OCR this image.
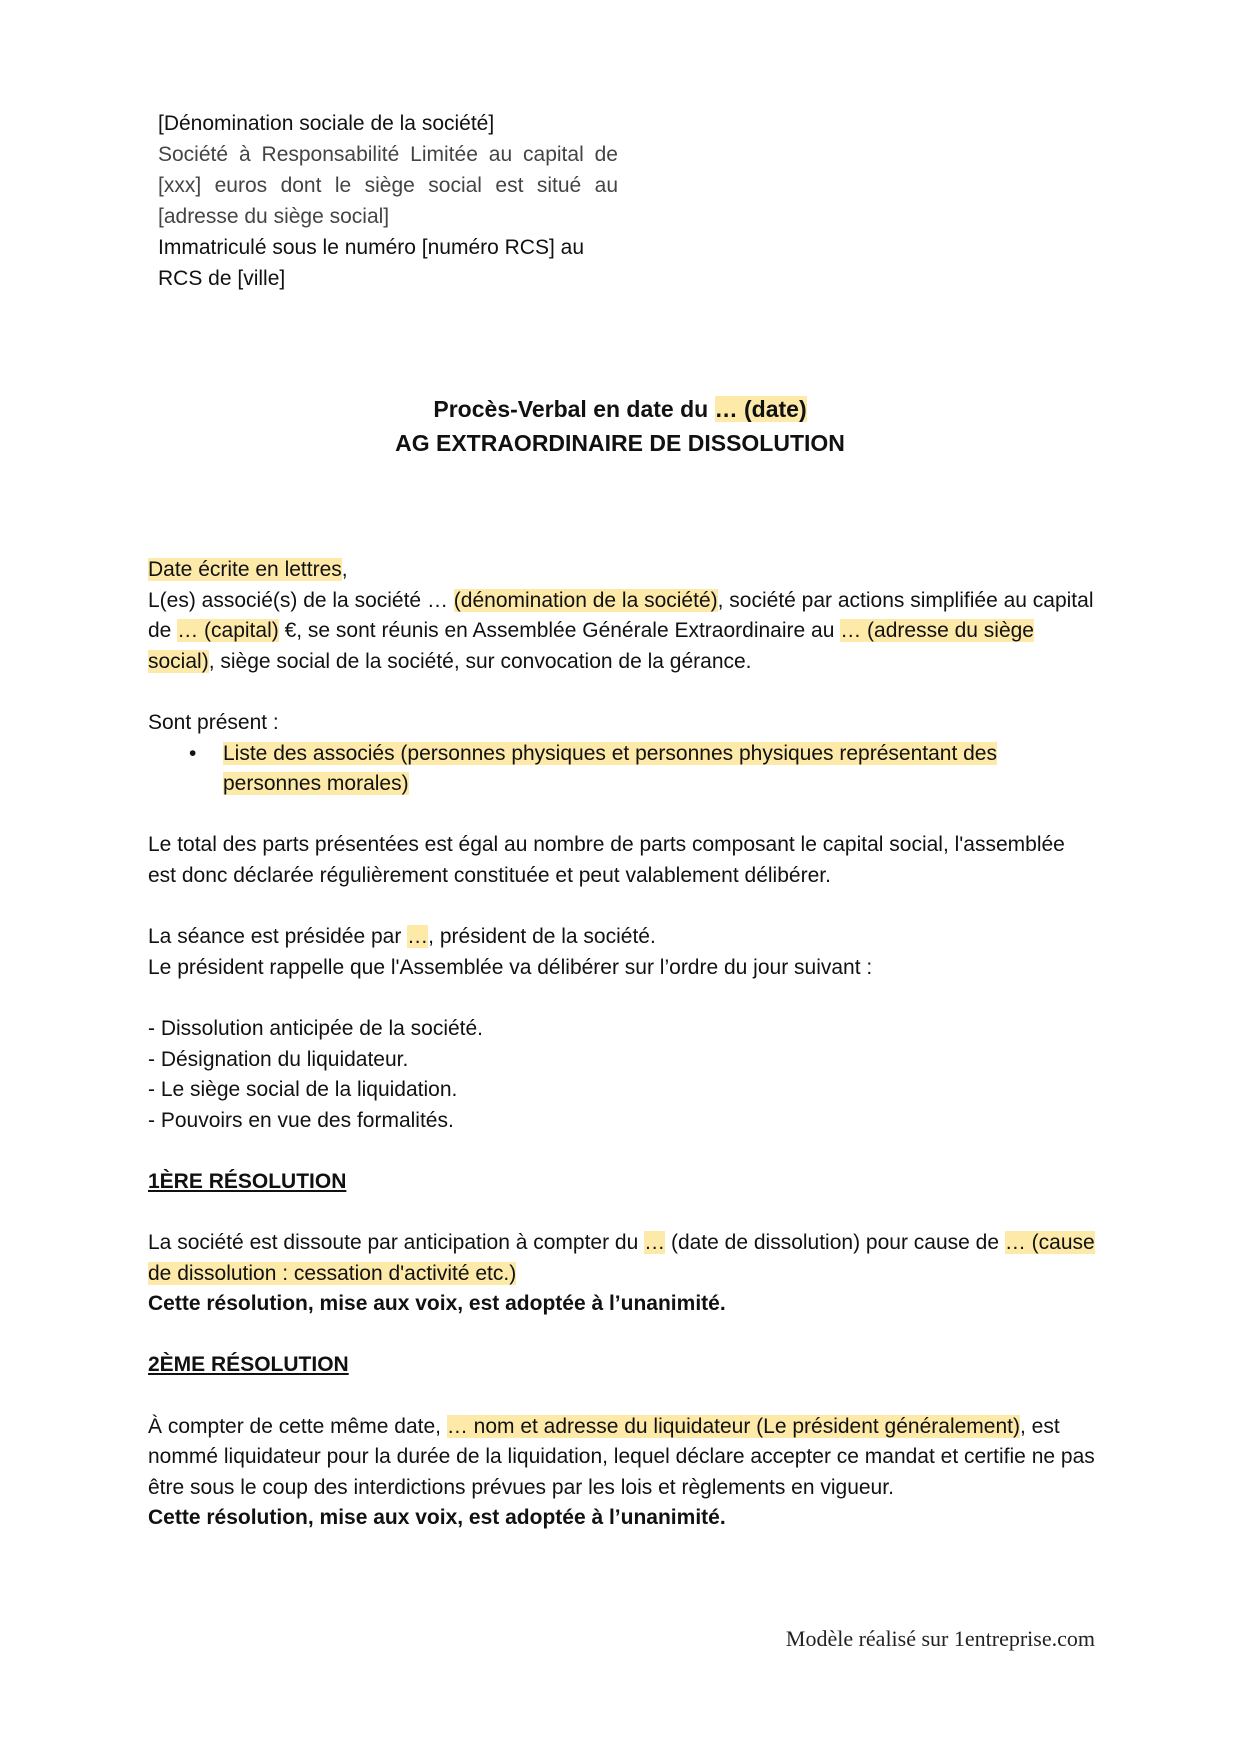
[Dénomination sociale de la société]
Société à Responsabilité Limitée au capital de [xxx] euros dont le siège social est situé au [adresse du siège social]
Immatriculé sous le numéro [numéro RCS] au RCS de [ville]
Procès-Verbal en date du … (date)
AG EXTRAORDINAIRE DE DISSOLUTION

Date écrite en lettres,

L(es) associé(s) de la société … (dénomination de la société), société par actions simplifiée au capital de … (capital) €, se sont réunis en Assemblée Générale Extraordinaire au … (adresse du siège social), siège social de la société, sur convocation de la gérance.

Sont présent :

• Liste des associés (personnes physiques et personnes physiques représentant des personnes morales)

Le total des parts présentées est égal au nombre de parts composant le capital social, l'assemblée est donc déclarée régulièrement constituée et peut valablement délibérer.

La séance est présidée par …, président de la société.

Le président rappelle que l'Assemblée va délibérer sur l’ordre du jour suivant :

- Dissolution anticipée de la société.

- Désignation du liquidateur.

- Le siège social de la liquidation.

- Pouvoirs en vue des formalités.

1ÈRE RÉSOLUTION

La société est dissoute par anticipation à compter du … (date de dissolution) pour cause de … (cause de dissolution : cessation d'activité etc.)

Cette résolution, mise aux voix, est adoptée à l’unanimité.

2ÈME RÉSOLUTION

À compter de cette même date, … nom et adresse du liquidateur (Le président généralement), est nommé liquidateur pour la durée de la liquidation, lequel déclare accepter ce mandat et certifie ne pas être sous le coup des interdictions prévues par les lois et règlements en vigueur.

Cette résolution, mise aux voix, est adoptée à l’unanimité.

Modèle réalisé sur 1entreprise.com
